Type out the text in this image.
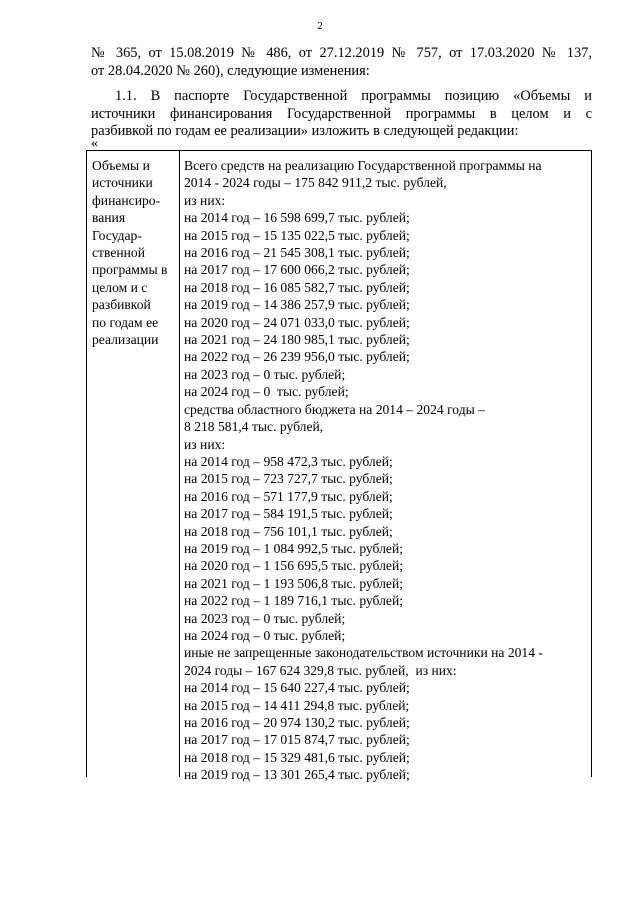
2
№ 365, от 15.08.2019 № 486, от 27.12.2019 № 757, от 17.03.2020 № 137,
от 28.04.2020 № 260), следующие изменения:
1.1. В паспорте Государственной программы позицию «Объемы и
источники финансирования Государственной программы в целом и с
разбивкой по годам ее реализации» изложить в следующей редакции:
«
Объемы и
источники
финансиро-
вания
Государ-
ственной
программы в
целом и с
разбивкой
по годам ее
реализации
Всего средств на реализацию Государственной программы на
2014 - 2024 годы – 175 842 911,2 тыс. рублей,
из них:
на 2014 год – 16 598 699,7 тыс. рублей;
на 2015 год – 15 135 022,5 тыс. рублей;
на 2016 год – 21 545 308,1 тыс. рублей;
на 2017 год – 17 600 066,2 тыс. рублей;
на 2018 год – 16 085 582,7 тыс. рублей;
на 2019 год – 14 386 257,9 тыс. рублей;
на 2020 год – 24 071 033,0 тыс. рублей;
на 2021 год – 24 180 985,1 тыс. рублей;
на 2022 год – 26 239 956,0 тыс. рублей;
на 2023 год – 0 тыс. рублей;
на 2024 год – 0  тыс. рублей;
средства областного бюджета на 2014 – 2024 годы –
8 218 581,4 тыс. рублей,
из них:
на 2014 год – 958 472,3 тыс. рублей;
на 2015 год – 723 727,7 тыс. рублей;
на 2016 год – 571 177,9 тыс. рублей;
на 2017 год – 584 191,5 тыс. рублей;
на 2018 год – 756 101,1 тыс. рублей;
на 2019 год – 1 084 992,5 тыс. рублей;
на 2020 год – 1 156 695,5 тыс. рублей;
на 2021 год – 1 193 506,8 тыс. рублей;
на 2022 год – 1 189 716,1 тыс. рублей;
на 2023 год – 0 тыс. рублей;
на 2024 год – 0 тыс. рублей;
иные не запрещенные законодательством источники на 2014 -
2024 годы – 167 624 329,8 тыс. рублей,  из них:
на 2014 год – 15 640 227,4 тыс. рублей;
на 2015 год – 14 411 294,8 тыс. рублей;
на 2016 год – 20 974 130,2 тыс. рублей;
на 2017 год – 17 015 874,7 тыс. рублей;
на 2018 год – 15 329 481,6 тыс. рублей;
на 2019 год – 13 301 265,4 тыс. рублей;
